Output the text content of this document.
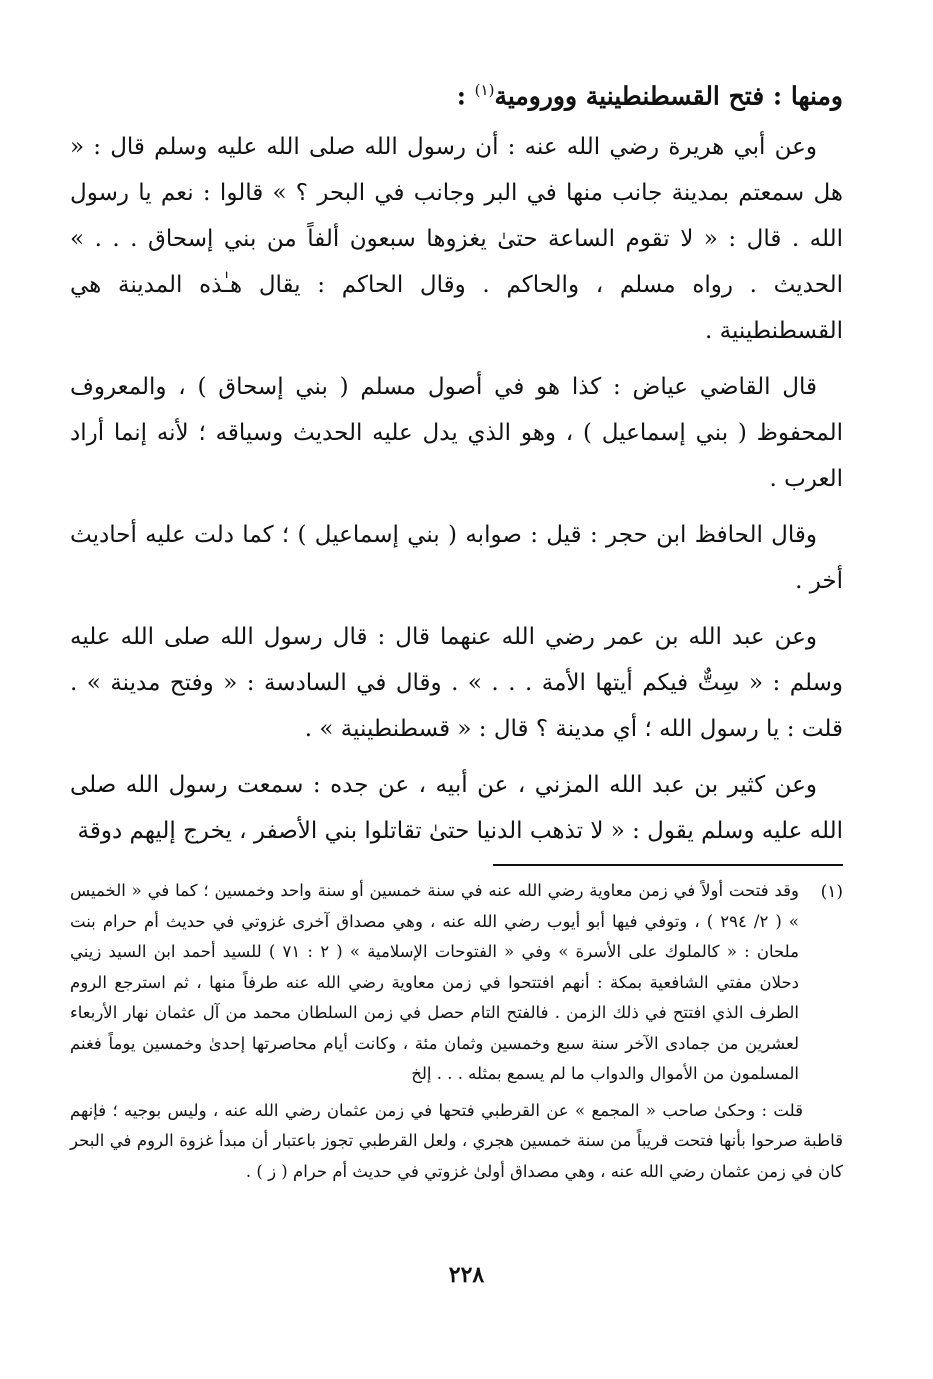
ومنها : فتح القسطنطينية وورومية$^{(١)}$ :

وعن أبي هريرة رضي الله عنه : أن رسول الله صلى الله عليه وسلم قال : « هل سمعتم بمدينة جانب منها في البر وجانب في البحر ؟ » قالوا : نعم يا رسول الله . قال : « لا تقوم الساعة حتىٰ يغزوها سبعون ألفاً من بني إسحاق . . . » الحديث . رواه مسلم ، والحاكم . وقال الحاكم : يقال هـٰذه المدينة هي القسطنطينية .

قال القاضي عياض : كذا هو في أصول مسلم ( بني إسحاق ) ، والمعروف المحفوظ ( بني إسماعيل ) ، وهو الذي يدل عليه الحديث وسياقه ؛ لأنه إنما أراد العرب .

وقال الحافظ ابن حجر : قيل : صوابه ( بني إسماعيل ) ؛ كما دلت عليه أحاديث أخر .

وعن عبد الله بن عمر رضي الله عنهما قال : قال رسول الله صلى الله عليه وسلم : « سِتٌّ فيكم أيتها الأمة . . . » . وقال في السادسة : « وفتح مدينة » . قلت : يا رسول الله ؛ أي مدينة ؟ قال : « قسطنطينية » .

وعن كثير بن عبد الله المزني ، عن أبيه ، عن جده : سمعت رسول الله صلى الله عليه وسلم يقول : « لا تذهب الدنيا حتىٰ تقاتلوا بني الأصفر ، يخرج إليهم دوقة

(١)

وقد فتحت أولاً في زمن معاوية رضي الله عنه في سنة خمسين أو سنة واحد وخمسين ؛ كما في « الخميس » ( ٢/ ٢٩٤ ) ، وتوفي فيها أبو أيوب رضي الله عنه ، وهي مصداق آخرى غزوتي في حديث أم حرام بنت ملحان : « كالملوك على الأسرة » وفي « الفتوحات الإسلامية » ( ٢ : ٧١ ) للسيد أحمد ابن السيد زيني دحلان مفتي الشافعية بمكة : أنهم افتتحوا في زمن معاوية رضي الله عنه طرفاً منها ، ثم استرجع الروم الطرف الذي افتتح في ذلك الزمن . فالفتح التام حصل في زمن السلطان محمد من آل عثمان نهار الأربعاء لعشرين من جمادى الآخر سنة سبع وخمسين وثمان مئة ، وكانت أيام محاصرتها إحدىٰ وخمسين يوماً فغنم المسلمون من الأموال والدواب ما لم يسمع بمثله . . . إلخ

قلت : وحكىٰ صاحب « المجمع » عن القرطبي فتحها في زمن عثمان رضي الله عنه ، وليس بوجيه ؛ فإنهم قاطبة صرحوا بأنها فتحت قريباً من سنة خمسين هجري ، ولعل القرطبي تجوز باعتبار أن مبدأ غزوة الروم في البحر كان في زمن عثمان رضي الله عنه ، وهي مصداق أولىٰ غزوتي في حديث أم حرام ( ز ) .

٢٢٨
